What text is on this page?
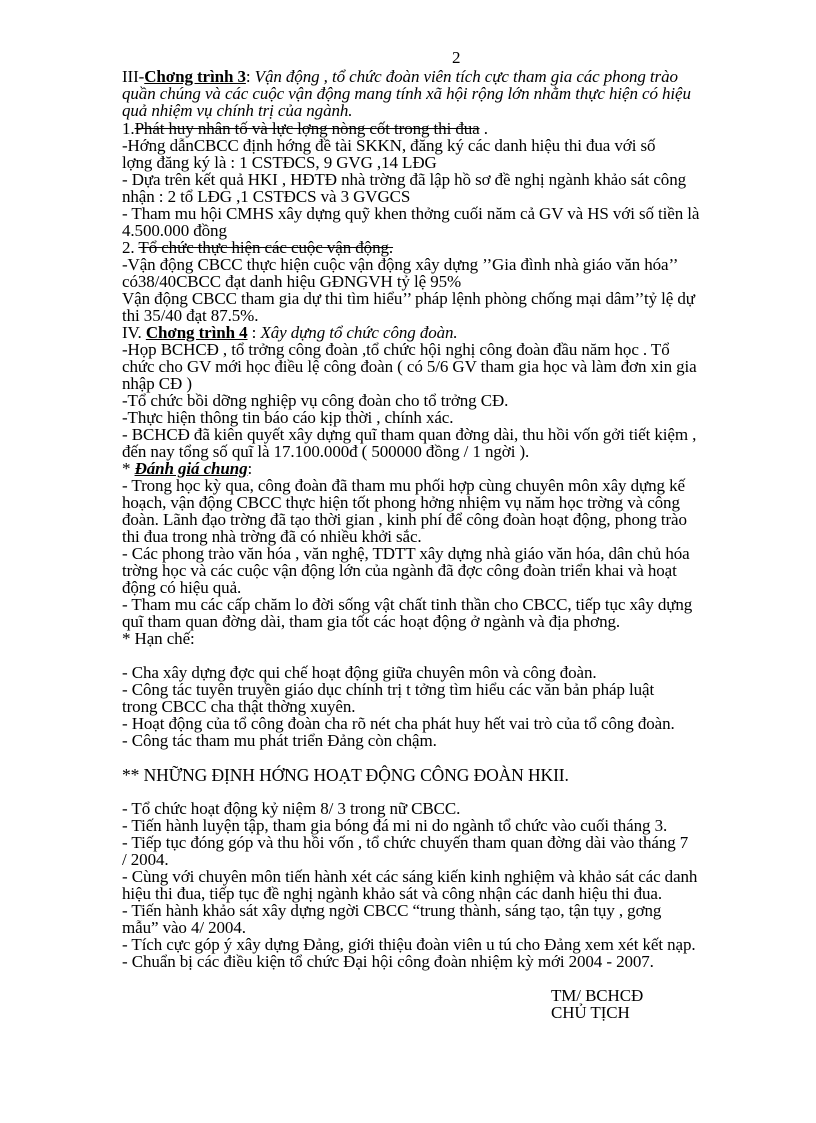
2
III-Chơng trình 3: Vận động , tổ chức đoàn viên tích cực tham gia các phong trào
quần chúng và các cuộc vận động mang tính xã hội rộng lớn nhằm thực hiện có hiệu
quả nhiệm vụ chính trị của ngành.
1.Phát huy nhân tố và lực lợng nòng cốt trong thi đua .
-Hớng dẫnCBCC định hớng đề tài SKKN, đăng ký các danh hiệu thi đua với số
lợng đăng ký là : 1 CSTĐCS, 9 GVG ,14 LĐG
- Dựa trên kết quả HKI , HĐTĐ nhà trờng đã lập hồ sơ đề nghị ngành khảo sát công
nhận : 2 tổ LĐG ,1 CSTĐCS và 3 GVGCS
- Tham mu hội CMHS xây dựng quỹ khen thởng cuối năm cả GV và HS với số tiền là
4.500.000 đồng
2. Tổ chức thực hiện các cuộc vận động.
-Vận động CBCC thực hiện cuộc vận động xây dựng ’’Gia đình nhà giáo văn hóa’’
có38/40CBCC đạt danh hiệu GĐNGVH tỷ lệ 95%
Vận động CBCC tham gia dự thi tìm hiểu’’ pháp lệnh phòng chống mại dâm’’tỷ lệ dự
thi 35/40 đạt 87.5%.
IV. Chơng trình 4 : Xây dựng tổ chức công đoàn.
-Họp BCHCĐ , tổ trởng công đoàn ,tổ chức hội nghị công đoàn đầu năm học . Tổ
chức cho GV mới học điều lệ công đoàn ( có 5/6 GV tham gia học và làm đơn xin gia
nhập CĐ )
-Tổ chức bồi dỡng nghiệp vụ công đoàn cho tổ trởng CĐ.
-Thực hiện thông tin báo cáo kịp thời , chính xác.
- BCHCĐ đã kiên quyết xây dựng quĩ tham quan đờng dài, thu hồi vốn gởi tiết kiệm ,
đến nay tổng số quĩ là 17.100.000đ ( 500000 đồng / 1 ngời ).
* Đánh giá chung:
- Trong học kỳ qua, công đoàn đã tham mu phối hợp cùng chuyên môn xây dựng kế
hoạch, vận động CBCC thực hiện tốt phong hởng nhiệm vụ năm học trờng và công
đoàn. Lãnh đạo trờng đã tạo thời gian , kinh phí để công đoàn hoạt động, phong trào
thi đua trong nhà trờng đã có nhiều khởi sắc.
- Các phong trào văn hóa , văn nghệ, TDTT xây dựng nhà giáo văn hóa, dân chủ hóa
trờng học và các cuộc vận động lớn của ngành đã đợc công đoàn triển khai và hoạt
động có hiệu quả.
- Tham mu các cấp chăm lo đời sống vật chất tinh thần cho CBCC, tiếp tục xây dựng
quĩ tham quan đờng dài, tham gia tốt các hoạt động ở ngành và địa phơng.
* Hạn chế:
- Cha xây dựng đợc qui chế hoạt động giữa chuyên môn và công đoàn.
- Công tác tuyên truyền giáo dục chính trị t tởng tìm hiểu các văn bản pháp luật
trong CBCC cha thật thờng xuyên.
- Hoạt động của tổ công đoàn cha rõ nét cha phát huy hết vai trò của tổ công đoàn.
- Công tác tham mu phát triển Đảng còn chậm.
** NHỮNG ĐỊNH HỚNG HOẠT ĐỘNG CÔNG ĐOÀN HKII.
- Tổ chức hoạt động kỷ niệm 8/ 3 trong nữ CBCC.
- Tiến hành luyện tập, tham gia bóng đá mi ni do ngành tổ chức vào cuối tháng 3.
- Tiếp tục đóng góp và thu hồi vốn , tổ chức chuyến tham quan đờng dài vào tháng 7
/ 2004.
- Cùng với chuyên môn tiến hành xét các sáng kiến kinh nghiệm và khảo sát các danh
hiệu thi đua, tiếp tục đề nghị ngành khảo sát và công nhận các danh hiệu thi đua.
- Tiến hành khảo sát xây dựng ngời CBCC “trung thành, sáng tạo, tận tụy , gơng
mẫu” vào 4/ 2004.
- Tích cực góp ý xây dựng Đảng, giới thiệu đoàn viên u tú cho Đảng xem xét kết nạp.
- Chuẩn bị các điều kiện tổ chức Đại hội công đoàn nhiệm kỳ mới 2004 - 2007.
TM/ BCHCĐ
CHỦ TỊCH
